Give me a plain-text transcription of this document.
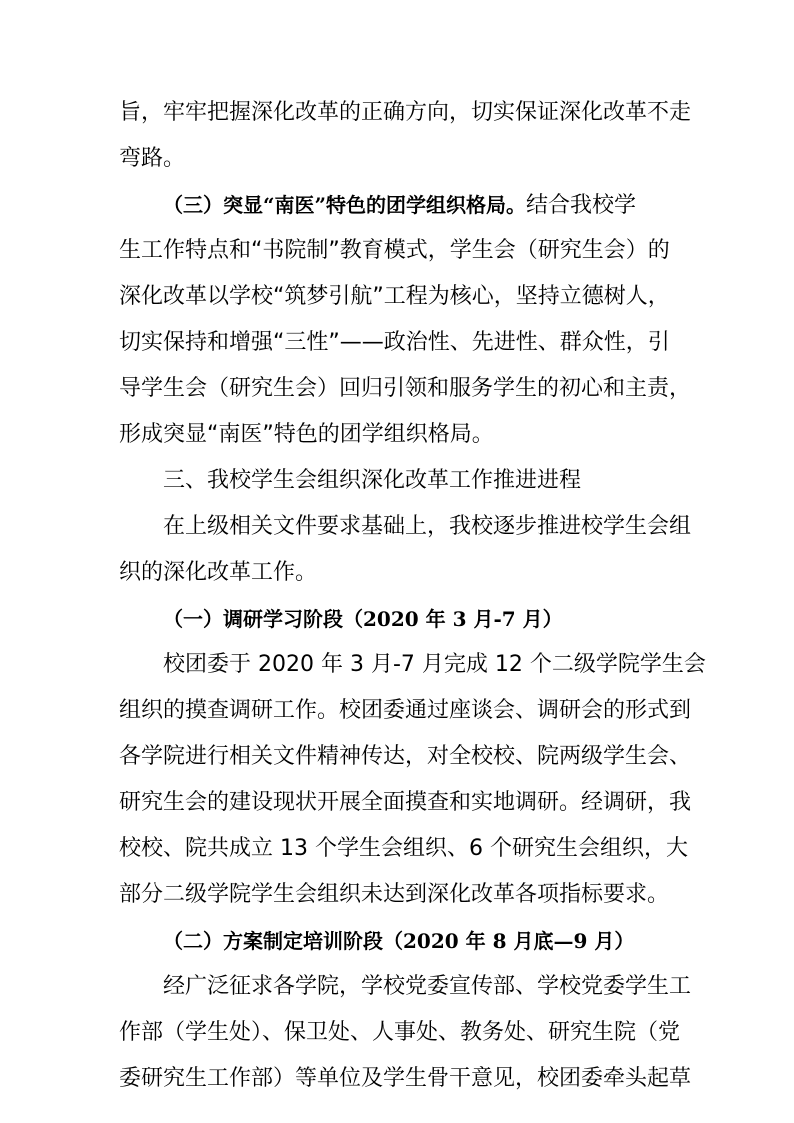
旨，牢牢把握深化改革的正确方向，切实保证深化改革不走
弯路。
（三）突显“南医”特色的团学组织格局。结合我校学
生工作特点和“书院制”教育模式，学生会（研究生会）的
深化改革以学校“筑梦引航”工程为核心，坚持立德树人，
切实保持和增强“三性”——政治性、先进性、群众性，引
导学生会（研究生会）回归引领和服务学生的初心和主责，
形成突显“南医”特色的团学组织格局。
三、我校学生会组织深化改革工作推进进程
在上级相关文件要求基础上，我校逐步推进校学生会组
织的深化改革工作。
（一）调研学习阶段（2020 年 3 月-7 月）
校团委于 2020 年 3 月-7 月完成 12 个二级学院学生会
组织的摸查调研工作。校团委通过座谈会、调研会的形式到
各学院进行相关文件精神传达，对全校校、院两级学生会、
研究生会的建设现状开展全面摸查和实地调研。经调研，我
校校、院共成立 13 个学生会组织、6 个研究生会组织，大
部分二级学院学生会组织未达到深化改革各项指标要求。
（二）方案制定培训阶段（2020 年 8 月底—9 月）
经广泛征求各学院，学校党委宣传部、学校党委学生工
作部（学生处）、保卫处、人事处、教务处、研究生院（党
委研究生工作部）等单位及学生骨干意见，校团委牵头起草
